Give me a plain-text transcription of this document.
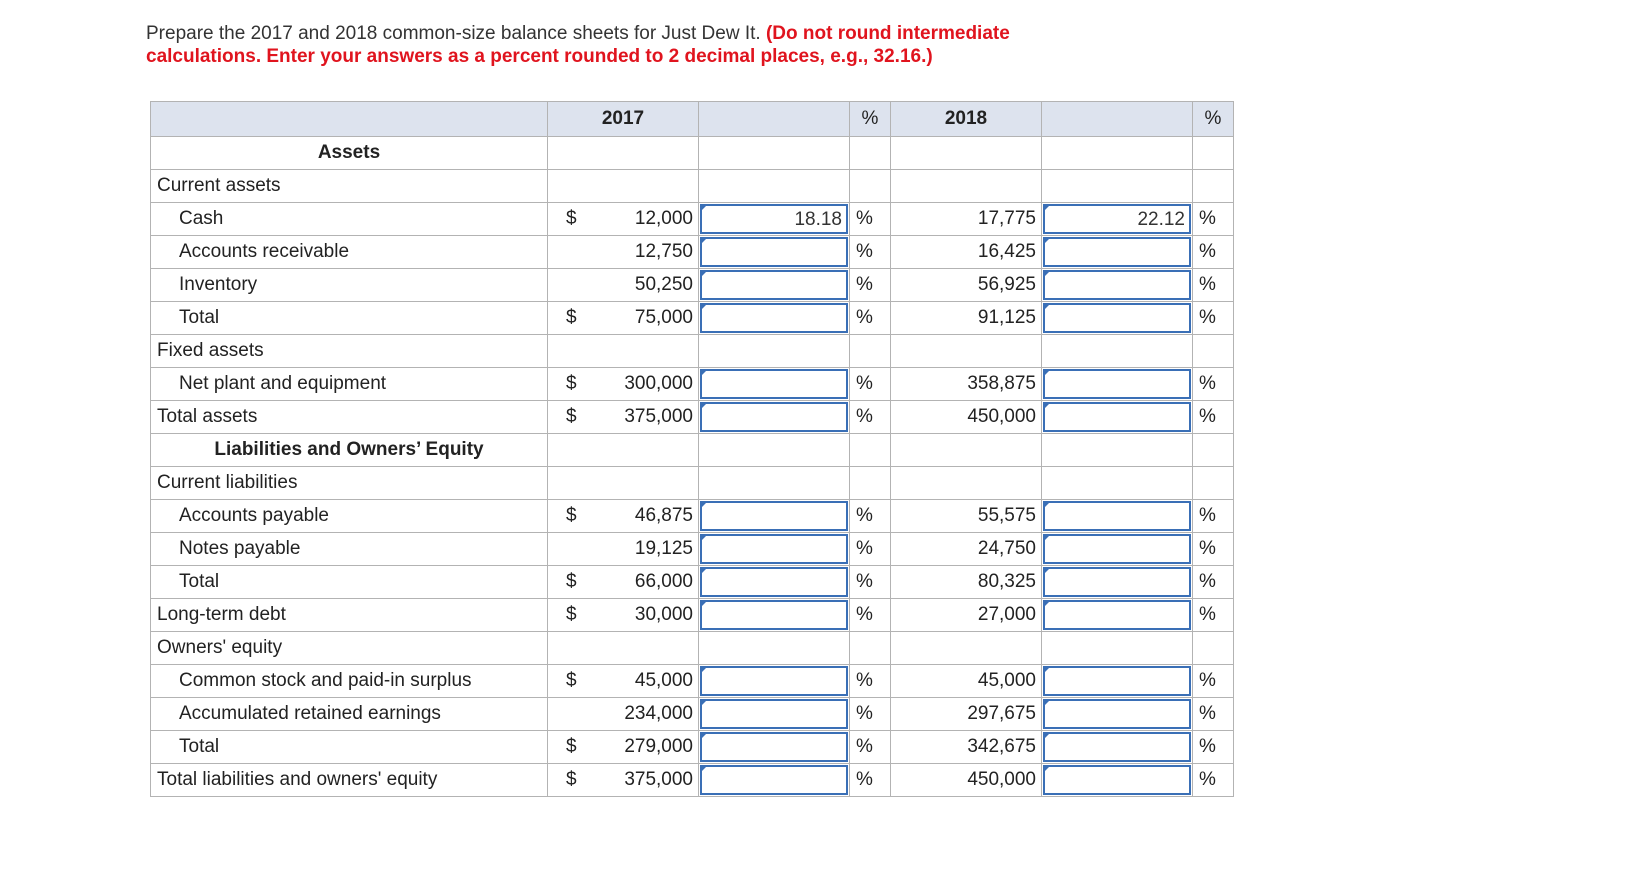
Prepare the 2017 and 2018 common-size balance sheets for Just Dew It. (Do not round intermediate calculations. Enter your answers as a percent rounded to 2 decimal places, e.g., 32.16.)
	2017		%	2018		%

Assets						

Current assets						

Cash	$ 12,000	18.18	%	17,775	22.12	%

Accounts receivable	12,750		%	16,425		%

Inventory	50,250		%	56,925		%

Total	$ 75,000		%	91,125		%

Fixed assets						

Net plant and equipment	$ 300,000		%	358,875		%

Total assets	$ 375,000		%	450,000		%

Liabilities and Owners’ Equity						

Current liabilities						

Accounts payable	$ 46,875		%	55,575		%

Notes payable	19,125		%	24,750		%

Total	$ 66,000		%	80,325		%

Long-term debt	$ 30,000		%	27,000		%

Owners' equity						

Common stock and paid-in surplus	$ 45,000		%	45,000		%

Accumulated retained earnings	234,000		%	297,675		%

Total	$ 279,000		%	342,675		%

Total liabilities and owners' equity	$ 375,000		%	450,000		%
